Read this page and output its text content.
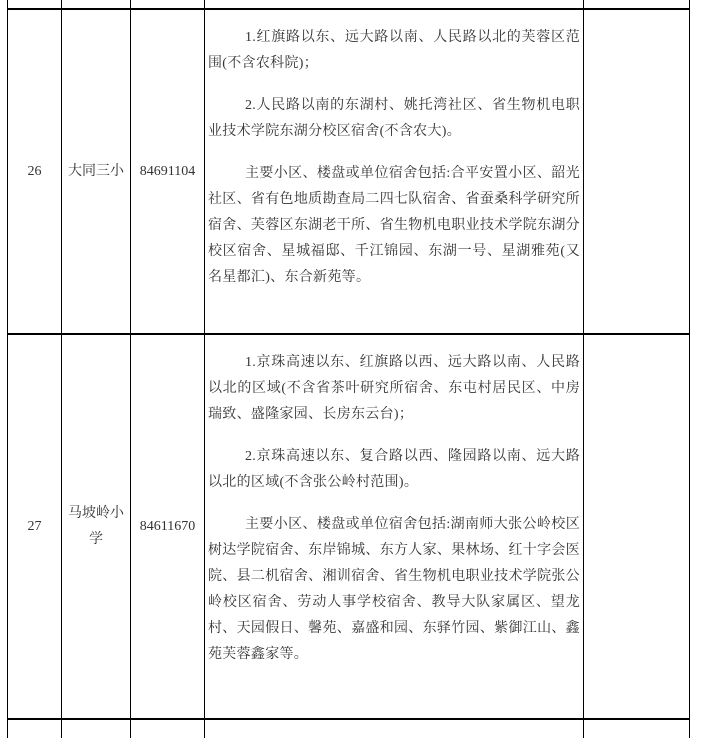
26	大同三小	84691104	1.红旗路以东、远大路以南、人民路以北的芙蓉区范围(不含农科院)；

2.人民路以南的东湖村、姚托湾社区、省生物机电职业技术学院东湖分校区宿舍(不含农大)。

主要小区、楼盘或单位宿舍包括:合平安置小区、韶光社区、省有色地质勘查局二四七队宿舍、省蚕桑科学研究所宿舍、芙蓉区东湖老干所、省生物机电职业技术学院东湖分校区宿舍、星城福邸、千江锦园、东湖一号、星湖雅苑(又名星都汇)、东合新苑等。	

27	马坡岭小学	84611670	1.京珠高速以东、红旗路以西、远大路以南、人民路以北的区域(不含省茶叶研究所宿舍、东屯村居民区、中房瑞致、盛隆家园、长房东云台)；

2.京珠高速以东、复合路以西、隆园路以南、远大路以北的区域(不含张公岭村范围)。

主要小区、楼盘或单位宿舍包括:湖南师大张公岭校区树达学院宿舍、东岸锦城、东方人家、果林场、红十字会医院、县二机宿舍、湘训宿舍、省生物机电职业技术学院张公岭校区宿舍、劳动人事学校宿舍、教导大队家属区、望龙村、天园假日、馨苑、嘉盛和园、东驿竹园、紫御江山、鑫苑芙蓉鑫家等。	
